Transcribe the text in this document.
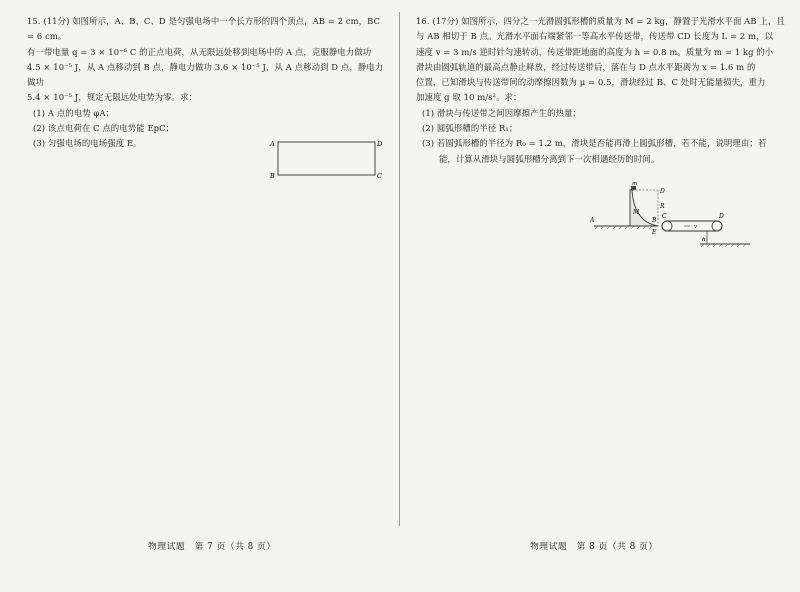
15. (11分) 如图所示，A、B、C、D 是匀强电场中一个长方形的四个顶点，AB = 2 cm，BC = 6 cm。

有一带电量 q = 3 × 10⁻⁶ C 的正点电荷，从无限远处移到电场中的 A 点，克服静电力做功

4.5 × 10⁻⁵ J，从 A 点移动到 B 点，静电力做功 3.6 × 10⁻⁵ J，从 A 点移动到 D 点，静电力做功

5.4 × 10⁻⁵ J，规定无限远处电势为零。求：

(1) A 点的电势 φA；

(2) 该点电荷在 C 点的电势能 EpC；

(3) 匀强电场的电场强度 E。	A	D
B	C
物理试题　第 7 页（共 8 页）

16. (17分) 如图所示，四分之一光滑圆弧形槽的质量为 M = 2 kg，静置于光滑水平面 AB 上，且

与 AB 相切于 B 点。光滑水平面右端紧邻一等高水平传送带，传送带 CD 长度为 L = 2 m，以

速度 v = 3 m/s 逆时针匀速转动，传送带距地面的高度为 h = 0.8 m。质量为 m = 1 kg 的小

滑块由圆弧轨道的最高点静止释放，经过传送带后，落在与 D 点水平距离为 x = 1.6 m 的

位置，已知滑块与传送带间的动摩擦因数为 μ = 0.5，滑块经过 B、C 处时无能量损失，重力

加速度 g 取 10 m/s²。求：

(1) 滑块与传送带之间因摩擦产生的热量；

(2) 圆弧形槽的半径 R₁；

(3) 若圆弧形槽的半径为 R₀ = 1.2 m，滑块是否能再滑上圆弧形槽，若不能，说明理由；若

　　能，计算从滑块与圆弧形槽分离到下一次相遇经历的时间。

m
M
R
D
A	B
E
v
C	D
h
物理试题　第 8 页（共 8 页）
